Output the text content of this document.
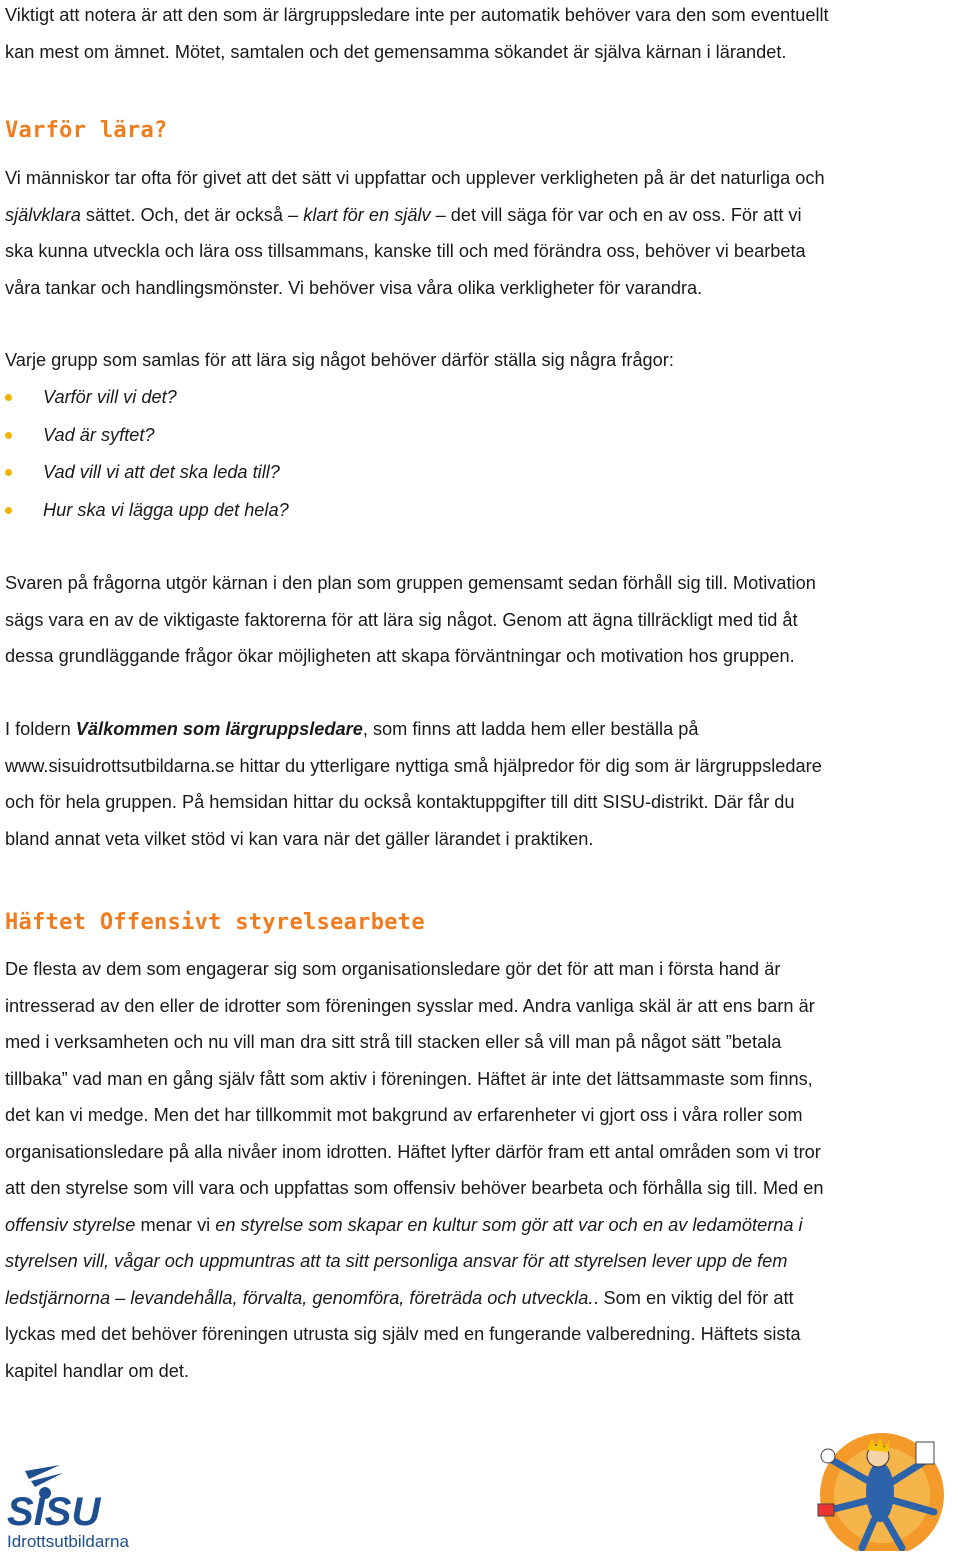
Viktigt att notera är att den som är lärgruppsledare inte per automatik behöver vara den som eventuellt
kan mest om ämnet. Mötet, samtalen och det gemensamma sökandet är själva kärnan i lärandet.

Varför lära?

Vi människor tar ofta för givet att det sätt vi uppfattar och upplever verkligheten på är det naturliga och
självklara sättet. Och, det är också – klart för en själv – det vill säga för var och en av oss. För att vi
ska kunna utveckla och lära oss tillsammans, kanske till och med förändra oss, behöver vi bearbeta
våra tankar och handlingsmönster. Vi behöver visa våra olika verkligheter för varandra.

Varje grupp som samlas för att lära sig något behöver därför ställa sig några frågor:

Varför vill vi det?
Vad är syftet?
Vad vill vi att det ska leda till?
Hur ska vi lägga upp det hela?

Svaren på frågorna utgör kärnan i den plan som gruppen gemensamt sedan förhåll sig till. Motivation
sägs vara en av de viktigaste faktorerna för att lära sig något. Genom att ägna tillräckligt med tid åt
dessa grundläggande frågor ökar möjligheten att skapa förväntningar och motivation hos gruppen.

I foldern Välkommen som lärgruppsledare, som finns att ladda hem eller beställa på
www.sisuidrottsutbildarna.se hittar du ytterligare nyttiga små hjälpredor för dig som är lärgruppsledare
och för hela gruppen. På hemsidan hittar du också kontaktuppgifter till ditt SISU-distrikt. Där får du
bland annat veta vilket stöd vi kan vara när det gäller lärandet i praktiken.

Häftet Offensivt styrelsearbete

De flesta av dem som engagerar sig som organisationsledare gör det för att man i första hand är
intresserad av den eller de idrotter som föreningen sysslar med. Andra vanliga skäl är att ens barn är
med i verksamheten och nu vill man dra sitt strå till stacken eller så vill man på något sätt ”betala
tillbaka” vad man en gång själv fått som aktiv i föreningen. Häftet är inte det lättsammaste som finns,
det kan vi medge. Men det har tillkommit mot bakgrund av erfarenheter vi gjort oss i våra roller som
organisationsledare på alla nivåer inom idrotten. Häftet lyfter därför fram ett antal områden som vi tror
att den styrelse som vill vara och uppfattas som offensiv behöver bearbeta och förhålla sig till. Med en
offensiv styrelse menar vi en styrelse som skapar en kultur som gör att var och en av ledamöterna i
styrelsen vill, vågar och uppmuntras att ta sitt personliga ansvar för att styrelsen lever upp de fem
ledstjärnorna – levandehålla, förvalta, genomföra, företräda och utveckla.. Som en viktig del för att
lyckas med det behöver föreningen utrusta sig själv med en fungerande valberedning. Häftets sista
kapitel handlar om det.

SISU
Idrottsutbildarna
